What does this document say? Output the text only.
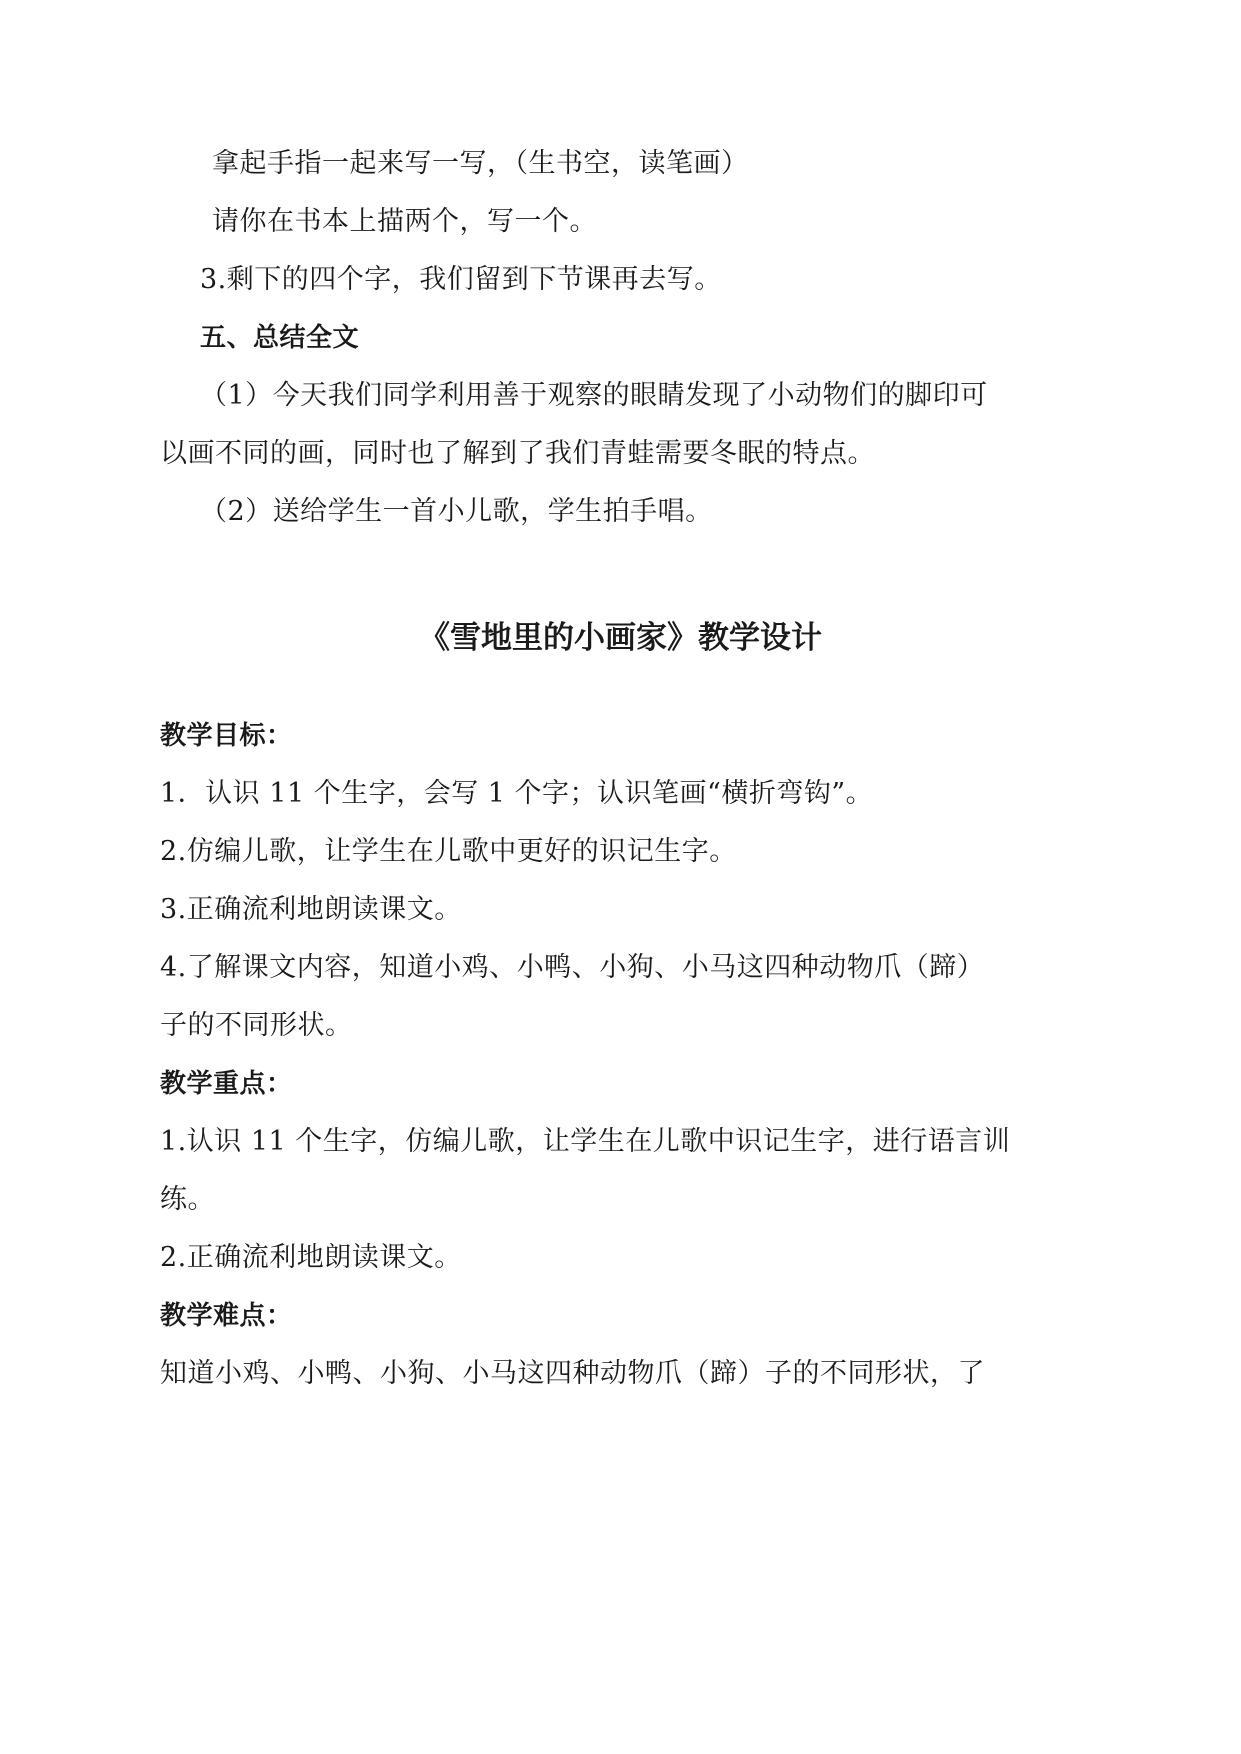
拿起手指一起来写一写，（生书空，读笔画）
请你在书本上描两个，写一个。
3.剩下的四个字，我们留到下节课再去写。
五、总结全文
（1）今天我们同学利用善于观察的眼睛发现了小动物们的脚印可
以画不同的画，同时也了解到了我们青蛙需要冬眠的特点。
（2）送给学生一首小儿歌，学生拍手唱。
《雪地里的小画家》教学设计
教学目标：
1．认识 11 个生字，会写 1 个字；认识笔画“横折弯钩”。
2.仿编儿歌，让学生在儿歌中更好的识记生字。
3.正确流利地朗读课文。
4.了解课文内容，知道小鸡、小鸭、小狗、小马这四种动物爪（蹄）
子的不同形状。
教学重点：
1.认识 11 个生字，仿编儿歌，让学生在儿歌中识记生字，进行语言训
练。
2.正确流利地朗读课文。
教学难点：
知道小鸡、小鸭、小狗、小马这四种动物爪（蹄）子的不同形状，了
